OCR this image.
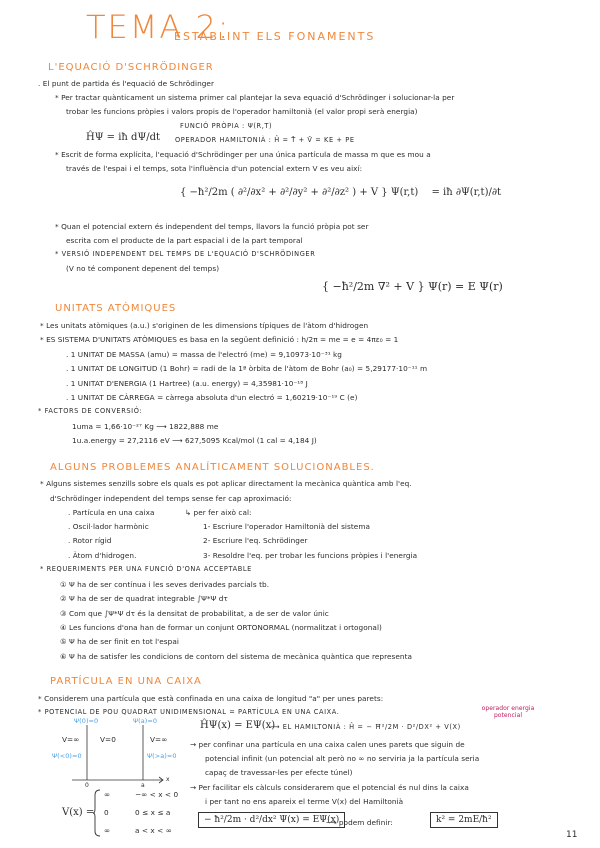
TEMA 2:
ESTABLINT ELS FONAMENTS
L'EQUACIÓ D'SCHRÖDINGER
. El punt de partida és l'equació de Schrödinger
* Per tractar quànticament un sistema primer cal plantejar la seva equació d'Schrödinger i solucionar-la per
trobar les funcions pròpies i valors propis de l'operador hamiltonià (el valor propi serà energia)
FUNCIÓ PRÒPIA : Ψ(R,T)
ĤΨ = iħ dΨ/dt OPERADOR HAMILTONIÀ : Ĥ = T̂ + V̂ = KE + PE
* Escrit de forma explícita, l'equació d'Schrödinger per una única partícula de massa m que es mou a
través de l'espai i el temps, sota l'influència d'un potencial extern V es veu així:
{ −ħ²/2m ( ∂²/∂x² + ∂²/∂y² + ∂²/∂z² ) + V } Ψ(r,t) = iħ ∂Ψ(r,t)/∂t
* Quan el potencial extern és independent del temps, llavors la funció pròpia pot ser
escrita com el producte de la part espacial i de la part temporal
* VERSIÓ INDEPENDENT DEL TEMPS DE L'EQUACIÓ D'SCHRÖDINGER
(V no té component depenent del temps)
{ −ħ²/2m ∇² + V } Ψ(r) = E Ψ(r)
UNITATS ATÒMIQUES
* Les unitats atòmiques (a.u.) s'originen de les dimensions típiques de l'àtom d'hidrogen
* ES SISTEMA D'UNITATS ATÒMIQUES es basa en la següent definició : h/2π = me = e = 4πε₀ = 1
. 1 UNITAT DE MASSA (amu) = massa de l'electró (me) = 9,10973·10⁻³¹ kg
. 1 UNITAT DE LONGITUD (1 Bohr) = radi de la 1ª òrbita de l'àtom de Bohr (a₀) = 5,29177·10⁻¹¹ m
. 1 UNITAT D'ENERGIA (1 Hartree) (a.u. energy) = 4,35981·10⁻¹⁸ J
. 1 UNITAT DE CÀRREGA = càrrega absoluta d'un electró = 1,60219·10⁻¹⁹ C (e)
* FACTORS DE CONVERSIÓ:
1uma = 1,66·10⁻²⁷ Kg ⟶ 1822,888 me
1u.a.energy = 27,2116 eV ⟶ 627,5095 Kcal/mol (1 cal = 4,184 J)
ALGUNS PROBLEMES ANALÍTICAMENT SOLUCIONABLES.
* Alguns sistemes senzills sobre els quals es pot aplicar directament la mecànica quàntica amb l'eq.
d'Schrödinger independent del temps sense fer cap aproximació:
. Partícula en una caixa
. Oscil·lador harmònic
. Rotor rígid
. Àtom d'hidrogen.
↳ per fer això cal:
1- Escriure l'operador Hamiltonià del sistema
2- Escriure l'eq. Schrödinger
3- Resoldre l'eq. per trobar les funcions pròpies i l'energia
* REQUERIMENTS PER UNA FUNCIÓ D'ONA ACCEPTABLE
① Ψ ha de ser contínua i les seves derivades parcials tb.
② Ψ ha de ser de quadrat integrable ∫Ψ*Ψ dτ
③ Com que ∫Ψ*Ψ dτ és la densitat de probabilitat, a de ser de valor únic
④ Les funcions d'ona han de formar un conjunt ORTONORMAL (normalitzat i ortogonal)
⑤ Ψ ha de ser finit en tot l'espai
⑥ Ψ ha de satisfer les condicions de contorn del sistema de mecànica quàntica que representa
PARTÍCULA EN UNA CAIXA
* Considerem una partícula que està confinada en una caixa de longitud "a" per unes parets:
* POTENCIAL DE POU QUADRAT UNIDIMENSIONAL = PARTÍCULA EN UNA CAIXA.
Ψ(0)=0	Ψ(a)=0
V=∞	V=0	V=∞
Ψ(<0)=0	Ψ(>a)=0
x
0	a
V(x) =
∞	−∞ < x < 0
0	0 ≤ x ≤ a
∞	a < x < ∞
ĤΨ(x) = EΨ(x)
⟶ EL HAMILTONIÀ : Ĥ = − Ħ²/2M · D²/DX² + V(X)
operador energia potencial
→ per confinar una partícula en una caixa calen unes parets que siguin de
potencial infinit (un potencial alt però no ∞ no serviria ja la partícula seria
capaç de travessar-les per efecte túnel)
→ Per facilitar els càlculs considerarem que el potencial és nul dins la caixa
i per tant no ens apareix el terme V(x) del Hamiltonià
− ħ²/2m · d²/dx² Ψ(x) = EΨ(x)
⟶ podem definir:	k² = 2mE/ħ²
11
